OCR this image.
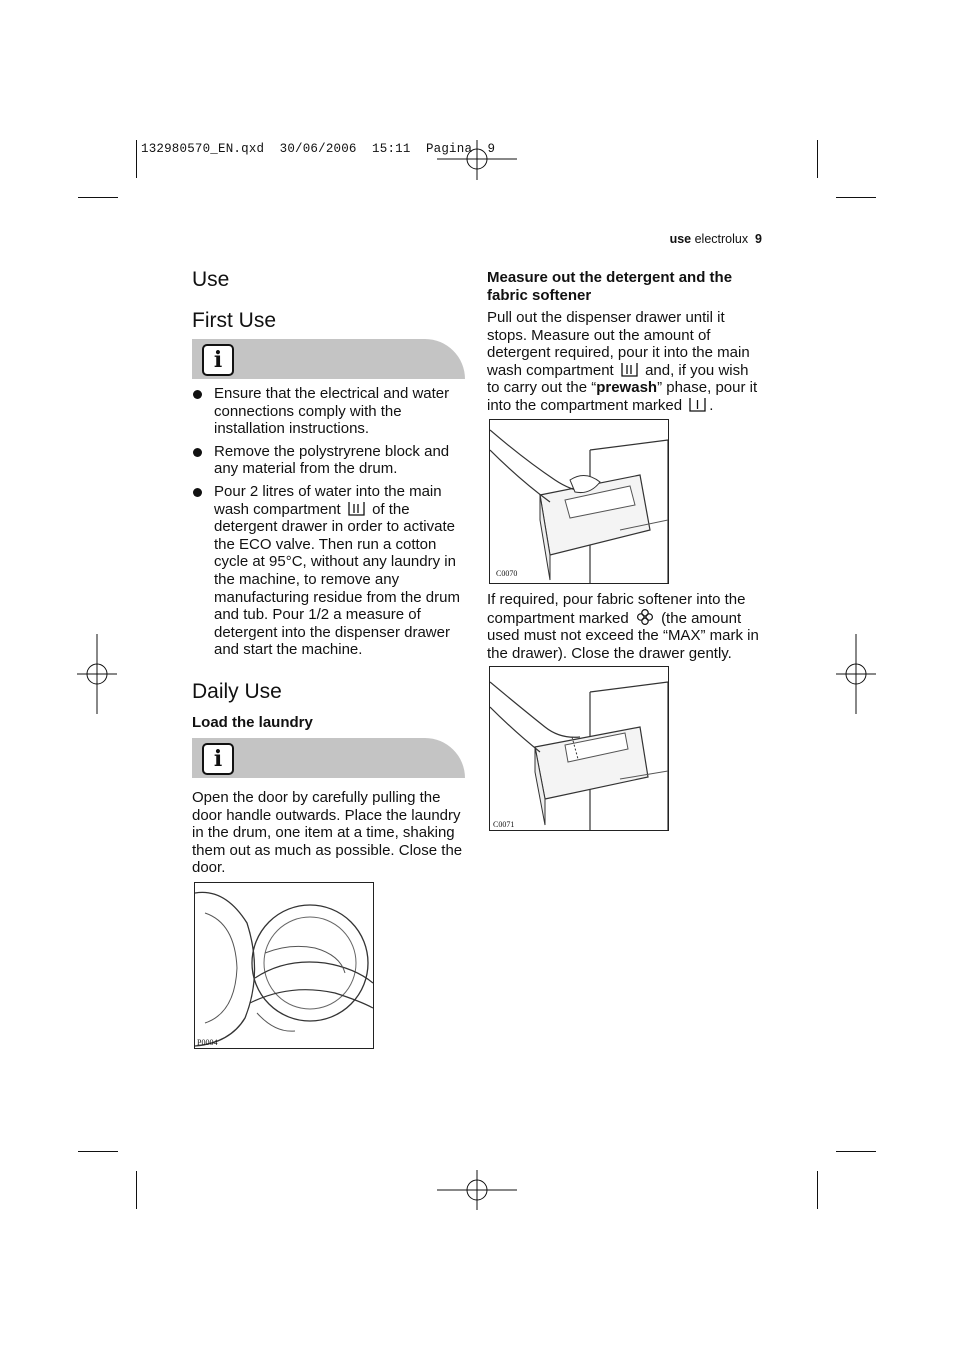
132980570_EN.qxd  30/06/2006  15:11  Pagina  9
use electrolux 9
Use
First Use
i
Ensure that the electrical and water connections comply with the installation instructions.
Remove the polystryrene block and any material from the drum.
Pour 2 litres of water into the main wash compartment of the detergent drawer in order to activate the ECO valve. Then run a cotton cycle at 95°C, without any laundry in the machine, to remove any manufacturing residue from the drum and tub. Pour 1/2 a measure of detergent into the dispenser drawer and start the machine.
Daily Use
Load the laundry
i
Open the door by carefully pulling the door handle outwards. Place the laundry in the drum, one item at a time, shaking them out as much as possible. Close the door.
P0004
Measure out the detergent and the fabric softener
Pull out the dispenser drawer until it stops. Measure out the amount of detergent required, pour it into the main wash compartment and, if you wish to carry out the “prewash” phase, pour it into the compartment marked .
C0070
If required, pour fabric softener into the compartment marked (the amount used must not exceed the “MAX” mark in the drawer). Close the drawer gently.
C0071
